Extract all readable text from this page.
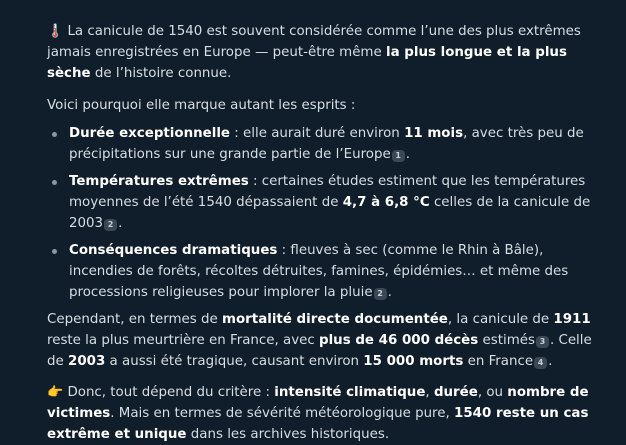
🌡️ La canicule de 1540 est souvent considérée comme l’une des plus extrêmes jamais enregistrées en Europe — peut-être même la plus longue et la plus sèche de l’histoire connue.

Voici pourquoi elle marque autant les esprits :

Durée exceptionnelle : elle aurait duré environ 11 mois, avec très peu de précipitations sur une grande partie de l’Europe 1 .
Températures extrêmes : certaines études estiment que les températures moyennes de l’été 1540 dépassaient de 4,7 à 6,8 °C celles de la canicule de 2003 2 .
Conséquences dramatiques : fleuves à sec (comme le Rhin à Bâle), incendies de forêts, récoltes détruites, famines, épidémies… et même des processions religieuses pour implorer la pluie 2 .

Cependant, en termes de mortalité directe documentée, la canicule de 1911 reste la plus meurtrière en France, avec plus de 46 000 décès estimés 3 . Celle de 2003 a aussi été tragique, causant environ 15 000 morts en France 4 .

👉 Donc, tout dépend du critère : intensité climatique, durée, ou nombre de victimes. Mais en termes de sévérité météorologique pure, 1540 reste un cas extrême et unique dans les archives historiques.
